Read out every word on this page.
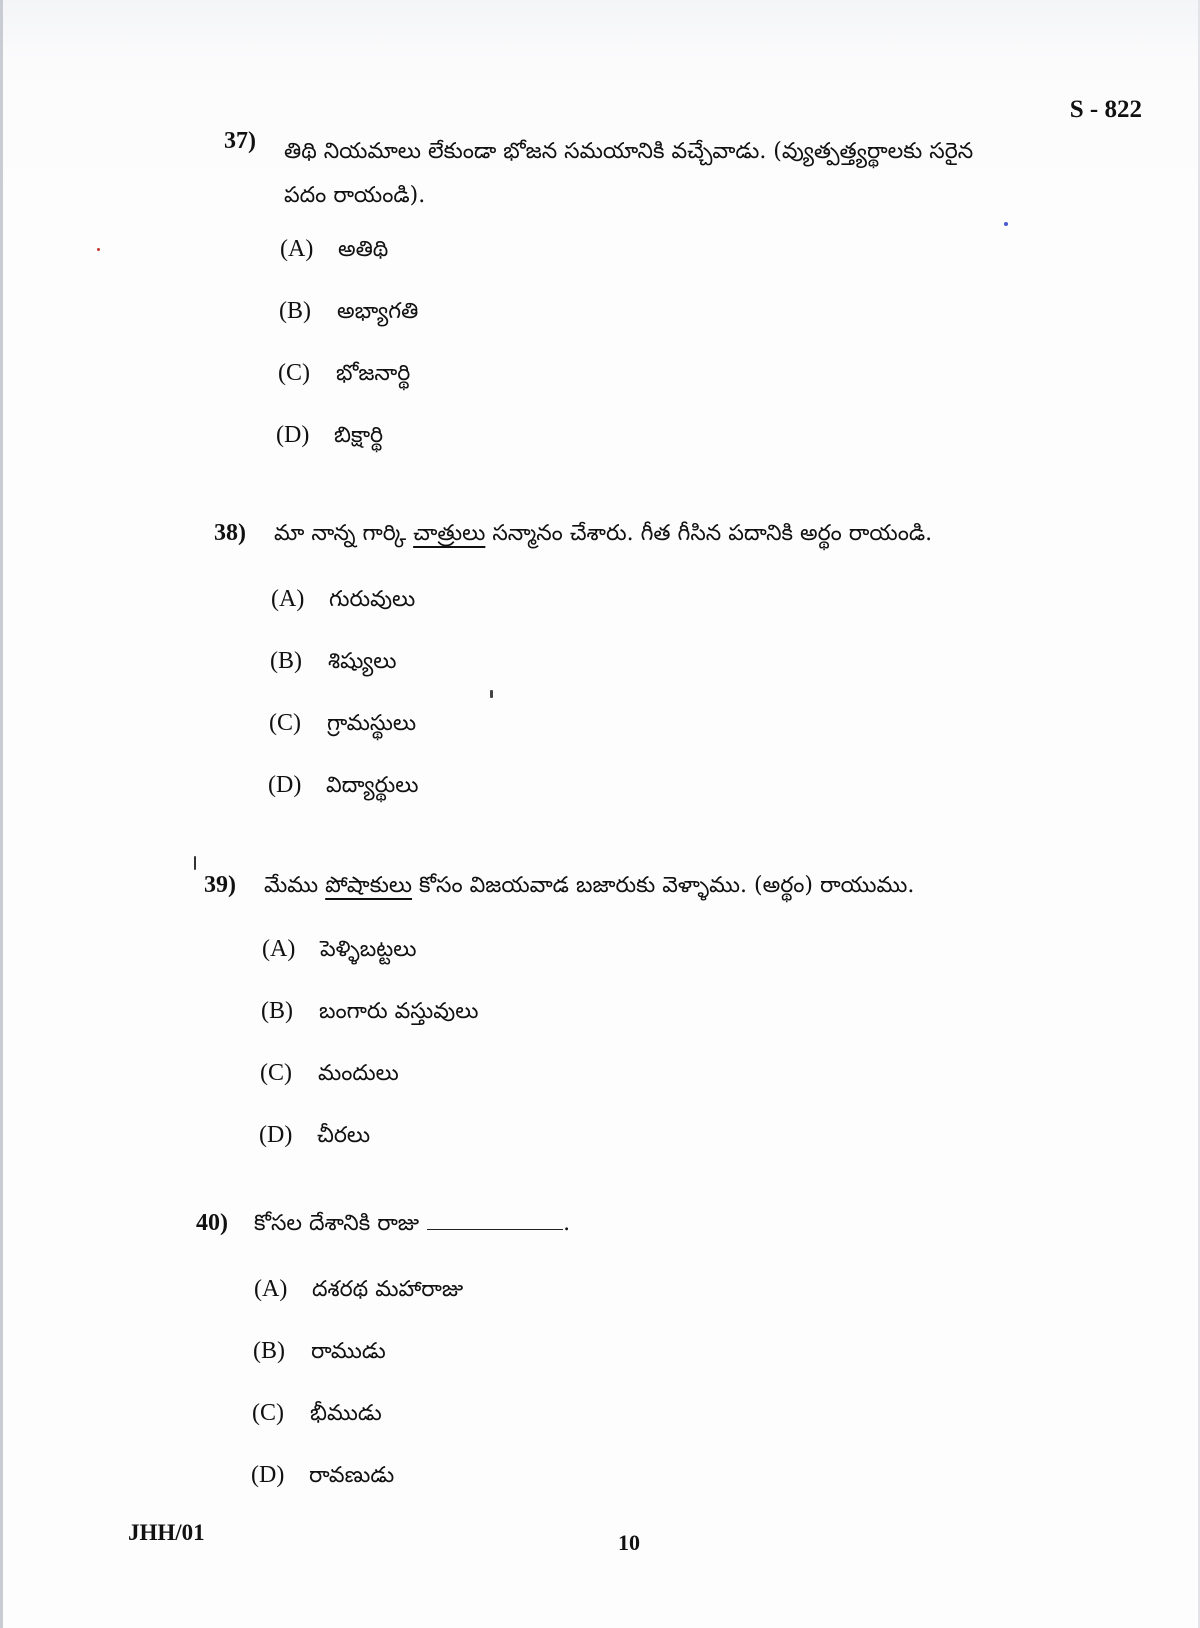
S - 822
37) తిథి నియమాలు లేకుండా భోజన సమయానికి వచ్చేవాడు. (వ్యుత్పత్త్యర్థాలకు సరైన
పదం రాయండి).
(A) అతిథి
(B) అభ్యాగతి
(C) భోజనార్థి
(D) బిక్షార్థి
38) మా నాన్న గార్కి చాత్రులు సన్మానం చేశారు. గీత గీసిన పదానికి అర్థం రాయండి.
(A) గురువులు
(B) శిష్యులు
(C) గ్రామస్థులు
(D) విద్యార్థులు
39) మేము పోషాకులు కోసం విజయవాడ బజారుకు వెళ్ళాము. (అర్థం) రాయుము.
(A) పెళ్ళిబట్టలు
(B) బంగారు వస్తువులు
(C) మందులు
(D) చీరలు
40) కోసల దేశానికి రాజు	.
(A) దశరథ మహారాజు
(B) రాముడు
(C) భీముడు
(D) రావణుడు
JHH/01	10
